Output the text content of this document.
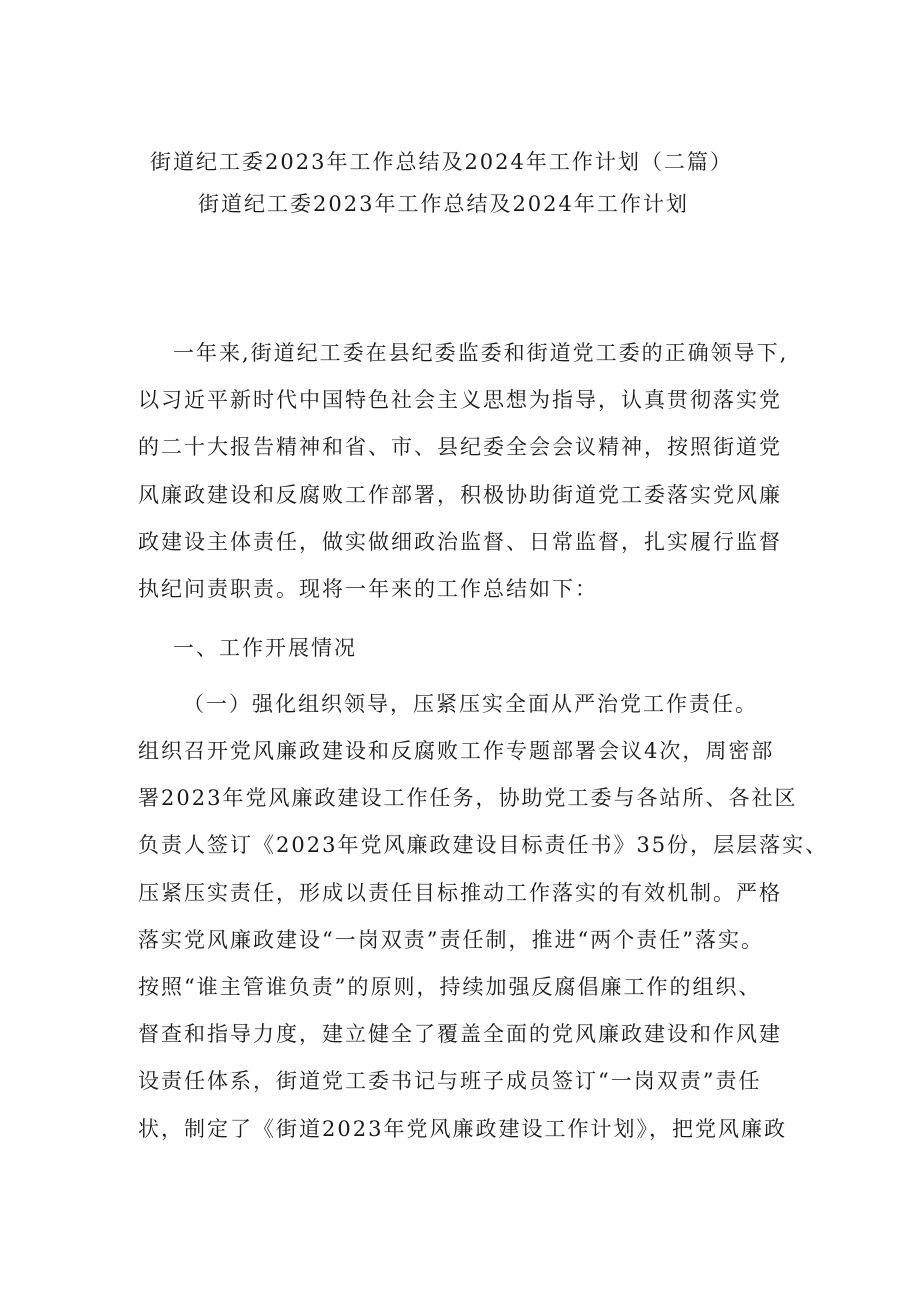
街道纪工委2023年工作总结及2024年工作计划（二篇）
街道纪工委2023年工作总结及2024年工作计划
一年来,街道纪工委在县纪委监委和街道党工委的正确领导下,
以习近平新时代中国特色社会主义思想为指导，认真贯彻落实党
的二十大报告精神和省、市、县纪委全会会议精神，按照街道党
风廉政建设和反腐败工作部署，积极协助街道党工委落实党风廉
政建设主体责任，做实做细政治监督、日常监督，扎实履行监督
执纪问责职责。现将一年来的工作总结如下：
一、工作开展情况
（一）强化组织领导，压紧压实全面从严治党工作责任。
组织召开党风廉政建设和反腐败工作专题部署会议4次，周密部
署2023年党风廉政建设工作任务，协助党工委与各站所、各社区
负责人签订《2023年党风廉政建设目标责任书》35份，层层落实、
压紧压实责任，形成以责任目标推动工作落实的有效机制。严格
落实党风廉政建设“一岗双责”责任制，推进“两个责任”落实。
按照“谁主管谁负责”的原则，持续加强反腐倡廉工作的组织、
督查和指导力度，建立健全了覆盖全面的党风廉政建设和作风建
设责任体系，街道党工委书记与班子成员签订“一岗双责”责任
状，制定了《街道2023年党风廉政建设工作计划》，把党风廉政
